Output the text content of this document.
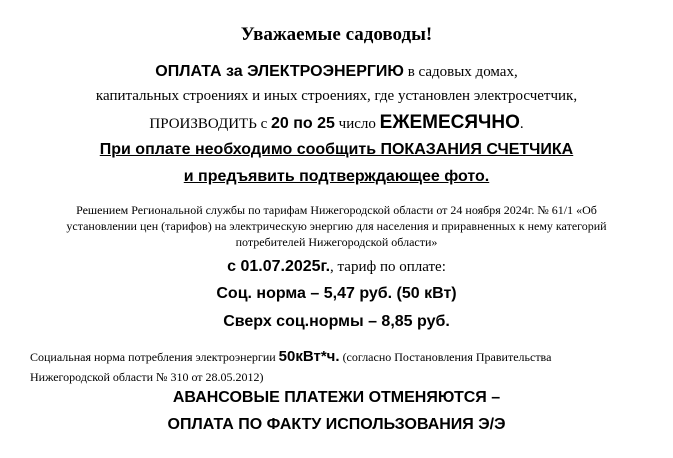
Уважаемые садоводы!
ОПЛАТА за ЭЛЕКТРОЭНЕРГИЮ в садовых домах,
капитальных строениях и иных строениях, где установлен электросчетчик,
ПРОИЗВОДИТЬ с 20 по 25 число ЕЖЕМЕСЯЧНО.
При оплате необходимо сообщить ПОКАЗАНИЯ СЧЕТЧИКА
и предъявить подтверждающее фото.
Решением Региональной службы по тарифам Нижегородской области от 24 ноября 2024г. № 61/1 «Об
установлении цен (тарифов) на электрическую энергию для населения и приравненных к нему категорий
потребителей Нижегородской области»
с 01.07.2025г., тариф по оплате:
Соц. норма – 5,47 руб. (50 кВт)
Сверх соц.нормы – 8,85 руб.
Социальная норма потребления электроэнергии 50кВт*ч. (согласно Постановления Правительства
Нижегородской области № 310 от 28.05.2012)
АВАНСОВЫЕ ПЛАТЕЖИ ОТМЕНЯЮТСЯ –
ОПЛАТА ПО ФАКТУ ИСПОЛЬЗОВАНИЯ Э/Э
